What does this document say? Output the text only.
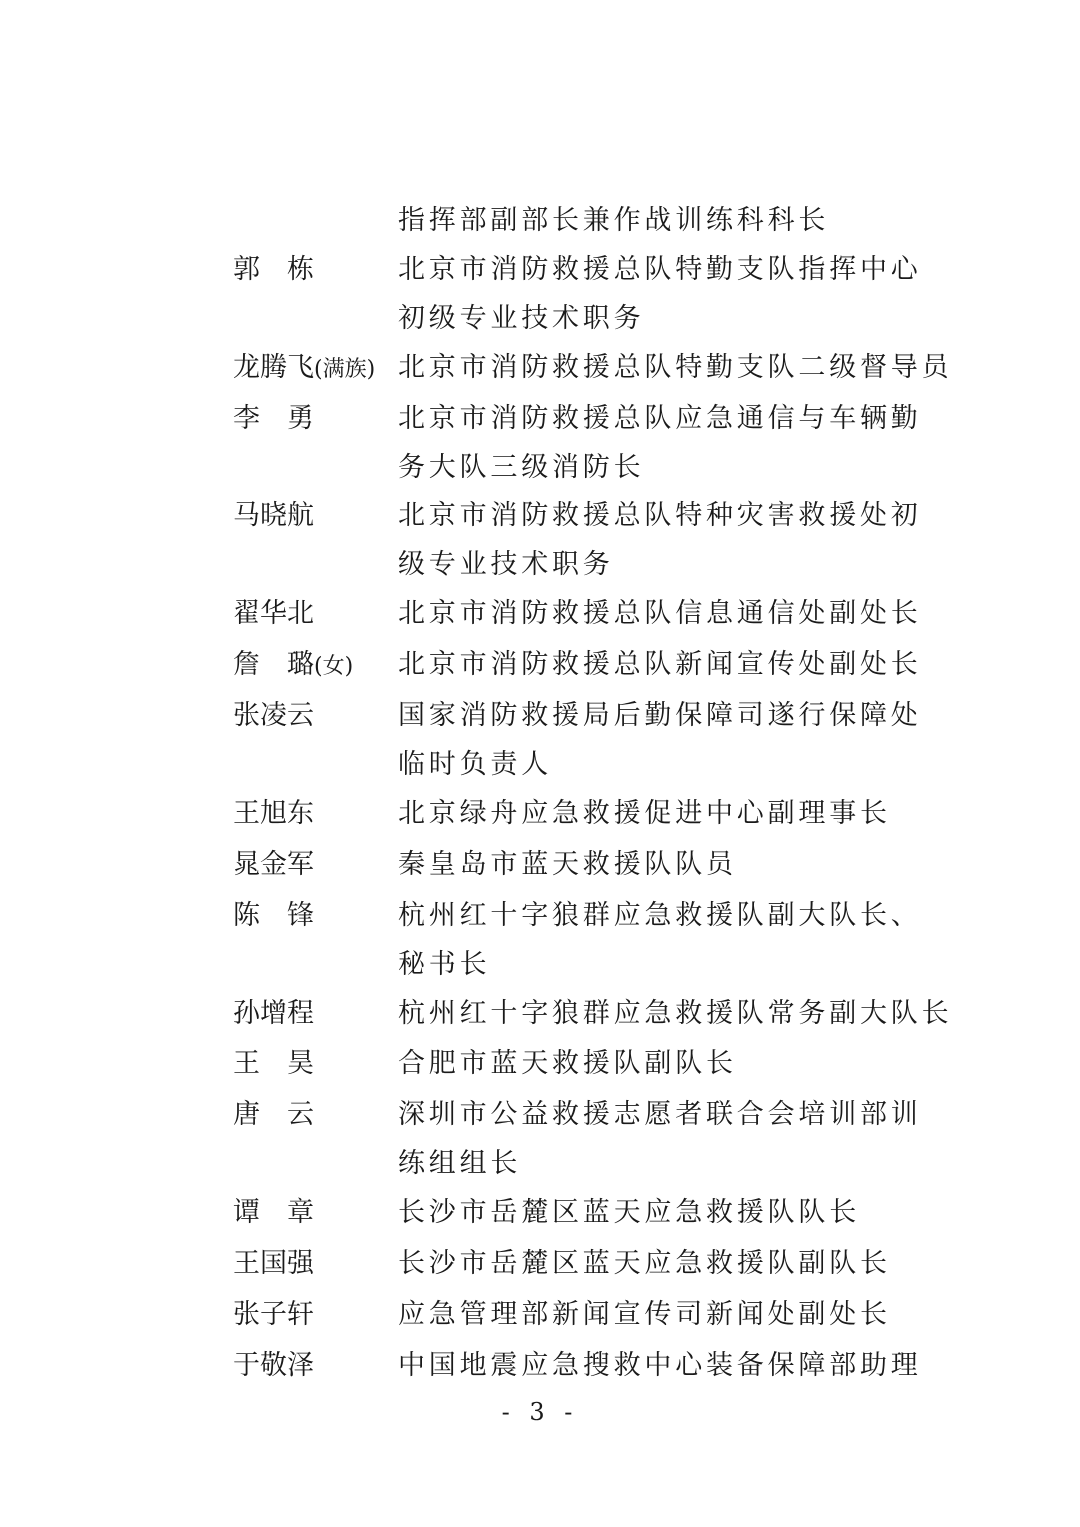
指挥部副部长兼作战训练科科长
郭　栋	北京市消防救援总队特勤支队指挥中心
初级专业技术职务
龙腾飞(满族) 北京市消防救援总队特勤支队二级督导员
李　勇	北京市消防救援总队应急通信与车辆勤
务大队三级消防长
马晓航	北京市消防救援总队特种灾害救援处初
级专业技术职务
翟华北	北京市消防救援总队信息通信处副处长
詹　璐(女)	北京市消防救援总队新闻宣传处副处长
张凌云	国家消防救援局后勤保障司遂行保障处
临时负责人
王旭东	北京绿舟应急救援促进中心副理事长
晁金军	秦皇岛市蓝天救援队队员
陈　锋	杭州红十字狼群应急救援队副大队长、
秘书长
孙增程	杭州红十字狼群应急救援队常务副大队长
王　昊	合肥市蓝天救援队副队长
唐　云	深圳市公益救援志愿者联合会培训部训
练组组长
谭　章	长沙市岳麓区蓝天应急救援队队长
王国强	长沙市岳麓区蓝天应急救援队副队长
张子轩	应急管理部新闻宣传司新闻处副处长
于敬泽	中国地震应急搜救中心装备保障部助理
- 3 -
